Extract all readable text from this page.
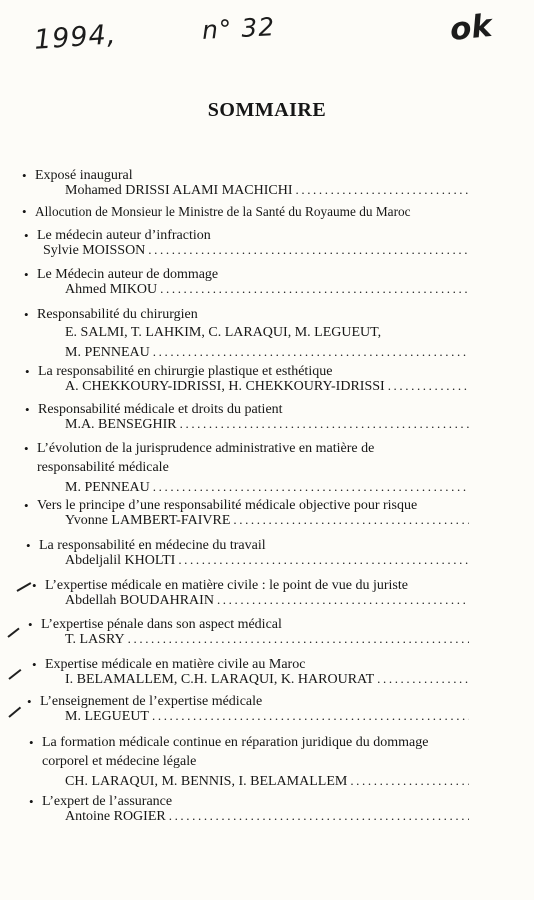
1994,	n° 32	ok
SOMMAIRE
• Exposé inaugural
Mohamed DRISSI ALAMI MACHICHI
.....
• Allocution de Monsieur le Ministre de la Santé du Royaume du Maroc
• Le médecin auteur d’infraction
Sylvie MOISSON
.....
• Le Médecin auteur de dommage
Ahmed MIKOU
.....
• Responsabilité du chirurgien
E. SALMI, T. LAHKIM, C. LARAQUI, M. LEGUEUT,
M. PENNEAU
.....
• La responsabilité en chirurgie plastique et esthétique
A. CHEKKOURY-IDRISSI, H. CHEKKOURY-IDRISSI
.....
• Responsabilité médicale et droits du patient
M.A. BENSEGHIR
.....
• L’évolution de la jurisprudence administrative en matière de
responsabilité médicale
M. PENNEAU
.....
• Vers le principe d’une responsabilité médicale objective pour risque
Yvonne LAMBERT-FAIVRE
.....
• La responsabilité en médecine du travail
Abdeljalil KHOLTI
.....
• L’expertise médicale en matière civile : le point de vue du juriste
Abdellah BOUDAHRAIN
.....
• L’expertise pénale dans son aspect médical
T. LASRY
.....
• Expertise médicale en matière civile au Maroc
I. BELAMALLEM, C.H. LARAQUI, K. HAROURAT
.....
• L’enseignement de l’expertise médicale
M. LEGUEUT
.....
• La formation médicale continue en réparation juridique du dommage
corporel et médecine légale
CH. LARAQUI, M. BENNIS, I. BELAMALLEM
.....
• L’expert de l’assurance
Antoine ROGIER
.....
